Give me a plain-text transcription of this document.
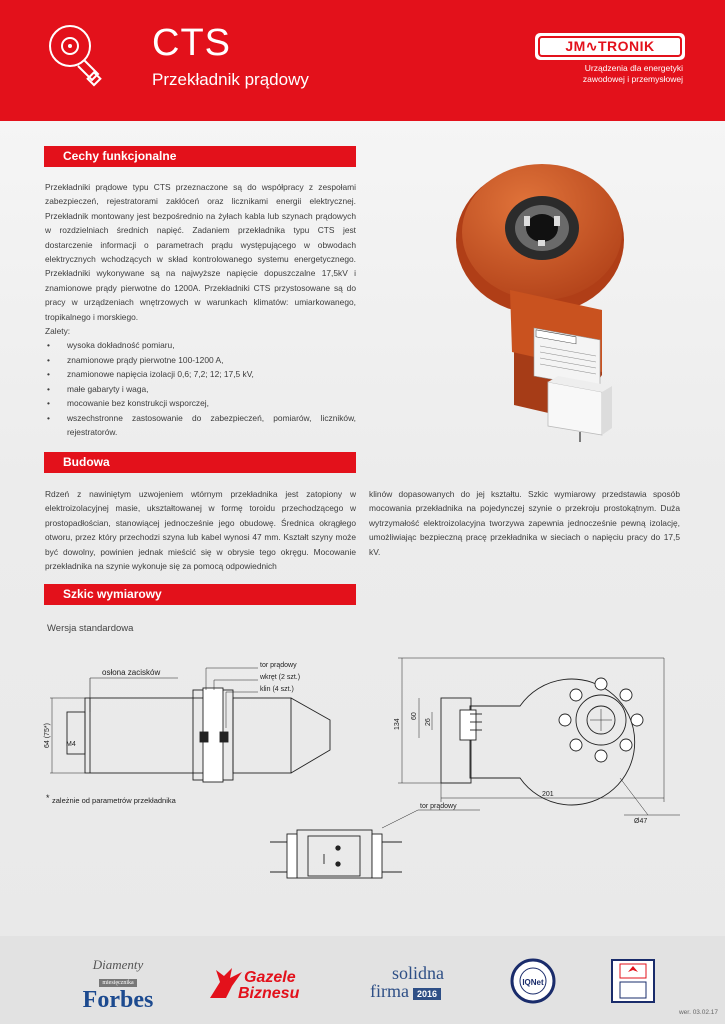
CTS
Przekładnik prądowy
JM∿TRONIK
Urządzenia dla energetyki
zawodowej i przemysłowej
Cechy funkcjonalne

Przekładniki prądowe typu CTS przeznaczone są do współpracy z zespołami zabezpieczeń, rejestratorami zakłóceń oraz licznikami energii elektrycznej. Przekładnik montowany jest bezpośrednio na żyłach kabla lub szynach prądowych w rozdzielniach średnich napięć. Zadaniem przekładnika typu CTS jest dostarczenie informacji o parametrach prądu występującego w obwodach elektrycznych wchodzących w skład kontrolowanego systemu energetycznego. Przekładniki wykonywane są na najwyższe napięcie dopuszczalne 17,5kV i znamionowe prądy pierwotne do 1200A. Przekładniki CTS przystosowane są do pracy w urządzeniach wnętrzowych w warunkach klimatów: umiarkowanego, tropikalnego i morskiego.

Zalety:

• wysoka dokładność pomiaru,
• znamionowe prądy pierwotne 100-1200 A,
• znamionowe napięcia izolacji 0,6; 7,2; 12; 17,5 kV,
• małe gabaryty i waga,
• mocowanie bez konstrukcji wsporczej,
• wszechstronne zastosowanie do zabezpieczeń, pomiarów, liczników, rejestratorów.
Budowa
Rdzeń z nawiniętym uzwojeniem wtórnym przekładnika jest zatopiony w elektroizolacyjnej masie, ukształtowanej w formę toroidu przechodzącego w prostopadłościan, stanowiącej jednocześnie jego obudowę. Średnica okrągłego otworu, przez który przechodzi szyna lub kabel wynosi 47 mm. Kształt szyny może być dowolny, powinien jednak mieścić się w obrysie tego okręgu. Mocowanie przekładnika na szynie wykonuje się za pomocą odpowiednich
klinów dopasowanych do jej kształtu. Szkic wymiarowy przedstawia sposób mocowania przekładnika na pojedynczej szynie o przekroju prostokątnym. Duża wytrzymałość elektroizolacyjna tworzywa zapewnia jednocześnie pewną izolację, umożliwiając bezpieczną pracę przekładnika w sieciach o napięciu pracy do 17,5 kV.
Szkic wymiarowy
Wersja standardowa
osłona zacisków
tor prądowy
wkręt (2 szt.)
klin (4 szt.)
64 (75*) M4
134
60
26
201
Ø47
tor prądowy
* zależnie od parametrów przekładnika
Diamenty
miesięcznika
Forbes
Gazele
Biznesu
solidna
firma 2016
IQNet
wer. 03.02.17
